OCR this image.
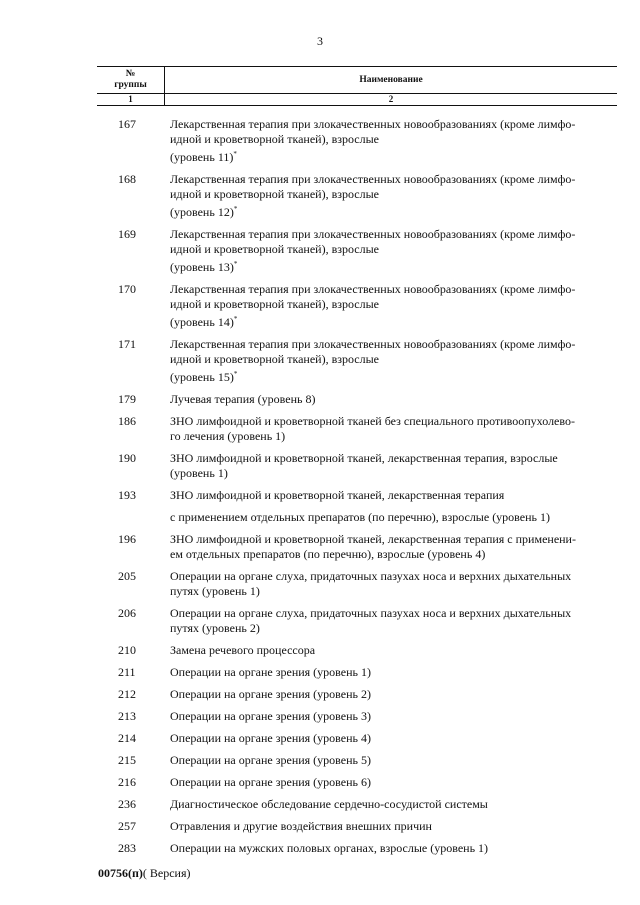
3
№
группы	Наименование
1	2
167	Лекарственная терапия при злокачественных новообразованиях (кроме лимфо-
идной и кроветворной тканей), взрослые
(уровень 11)*
168	Лекарственная терапия при злокачественных новообразованиях (кроме лимфо-
идной и кроветворной тканей), взрослые
(уровень 12)*
169	Лекарственная терапия при злокачественных новообразованиях (кроме лимфо-
идной и кроветворной тканей), взрослые
(уровень 13)*
170	Лекарственная терапия при злокачественных новообразованиях (кроме лимфо-
идной и кроветворной тканей), взрослые
(уровень 14)*
171	Лекарственная терапия при злокачественных новообразованиях (кроме лимфо-
идной и кроветворной тканей), взрослые
(уровень 15)*
179	Лучевая терапия (уровень 8)
186	ЗНО лимфоидной и кроветворной тканей без специального противоопухолево-
го лечения (уровень 1)
190	ЗНО лимфоидной и кроветворной тканей, лекарственная терапия, взрослые
(уровень 1)
193	ЗНО лимфоидной и кроветворной тканей, лекарственная терапия
с применением отдельных препаратов (по перечню), взрослые (уровень 1)
196	ЗНО лимфоидной и кроветворной тканей, лекарственная терапия с применени-
ем отдельных препаратов (по перечню), взрослые (уровень 4)
205	Операции на органе слуха, придаточных пазухах носа и верхних дыхательных
путях (уровень 1)
206	Операции на органе слуха, придаточных пазухах носа и верхних дыхательных
путях (уровень 2)
210	Замена речевого процессора
211	Операции на органе зрения (уровень 1)
212	Операции на органе зрения (уровень 2)
213	Операции на органе зрения (уровень 3)
214	Операции на органе зрения (уровень 4)
215	Операции на органе зрения (уровень 5)
216	Операции на органе зрения (уровень 6)
236	Диагностическое обследование сердечно-сосудистой системы
257	Отравления и другие воздействия внешних причин
283	Операции на мужских половых органах, взрослые (уровень 1)
00756(п)( Версия)
